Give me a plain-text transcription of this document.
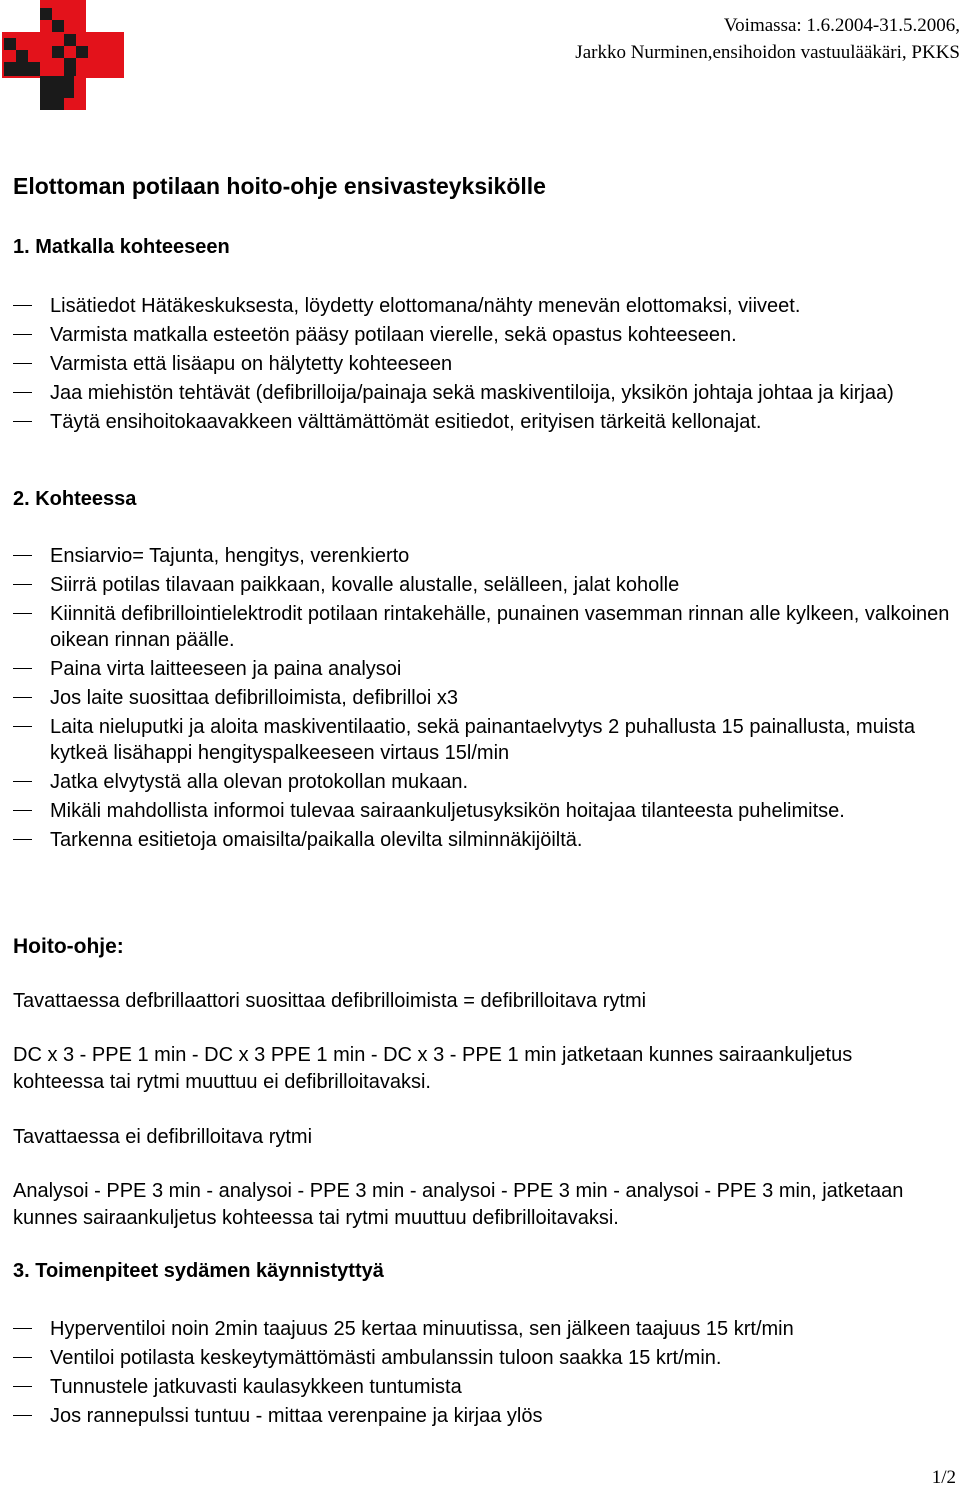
Voimassa: 1.6.2004-31.5.2006,
Jarkko Nurminen,ensihoidon vastuulääkäri, PKKS
Elottoman potilaan hoito-ohje ensivasteyksikölle
1. Matkalla kohteeseen
Lisätiedot Hätäkeskuksesta, löydetty elottomana/nähty menevän elottomaksi, viiveet.
Varmista matkalla esteetön pääsy potilaan vierelle, sekä opastus kohteeseen.
Varmista että lisäapu on hälytetty kohteeseen
Jaa miehistön tehtävät (defibrilloija/painaja sekä maskiventiloija, yksikön johtaja johtaa ja kirjaa)
Täytä ensihoitokaavakkeen välttämättömät esitiedot, erityisen tärkeitä kellonajat.
2. Kohteessa
Ensiarvio= Tajunta, hengitys, verenkierto
Siirrä potilas tilavaan paikkaan, kovalle alustalle, selälleen, jalat koholle
Kiinnitä defibrillointielektrodit potilaan rintakehälle, punainen vasemman rinnan alle kylkeen, valkoinen oikean rinnan päälle.
Paina virta laitteeseen ja paina analysoi
Jos laite suosittaa defibrilloimista, defibrilloi x3
Laita nieluputki ja aloita maskiventilaatio, sekä painantaelvytys 2 puhallusta 15 painallusta, muista kytkeä lisähappi hengityspalkeeseen virtaus 15l/min
Jatka elvytystä alla olevan protokollan mukaan.
Mikäli mahdollista informoi tulevaa sairaankuljetusyksikön hoitajaa tilanteesta puhelimitse.
Tarkenna esitietoja omaisilta/paikalla olevilta silminnäkijöiltä.
Hoito-ohje:

Tavattaessa defbrillaattori suosittaa defibrilloimista = defibrilloitava rytmi

DC x 3 - PPE 1 min - DC x 3 PPE 1 min - DC x 3 - PPE 1 min jatketaan kunnes sairaankuljetus kohteessa tai rytmi muuttuu ei defibrilloitavaksi.

Tavattaessa ei defibrilloitava rytmi

Analysoi - PPE 3 min - analysoi - PPE 3 min - analysoi - PPE 3 min - analysoi - PPE 3 min, jatketaan kunnes sairaankuljetus kohteessa tai rytmi muuttuu defibrilloitavaksi.

3. Toimenpiteet sydämen käynnistyttyä
Hyperventiloi noin 2min taajuus 25 kertaa minuutissa, sen jälkeen taajuus 15 krt/min
Ventiloi potilasta keskeytymättömästi ambulanssin tuloon saakka 15 krt/min.
Tunnustele jatkuvasti kaulasykkeen tuntumista
Jos rannepulssi tuntuu - mittaa verenpaine ja kirjaa ylös
1/2
